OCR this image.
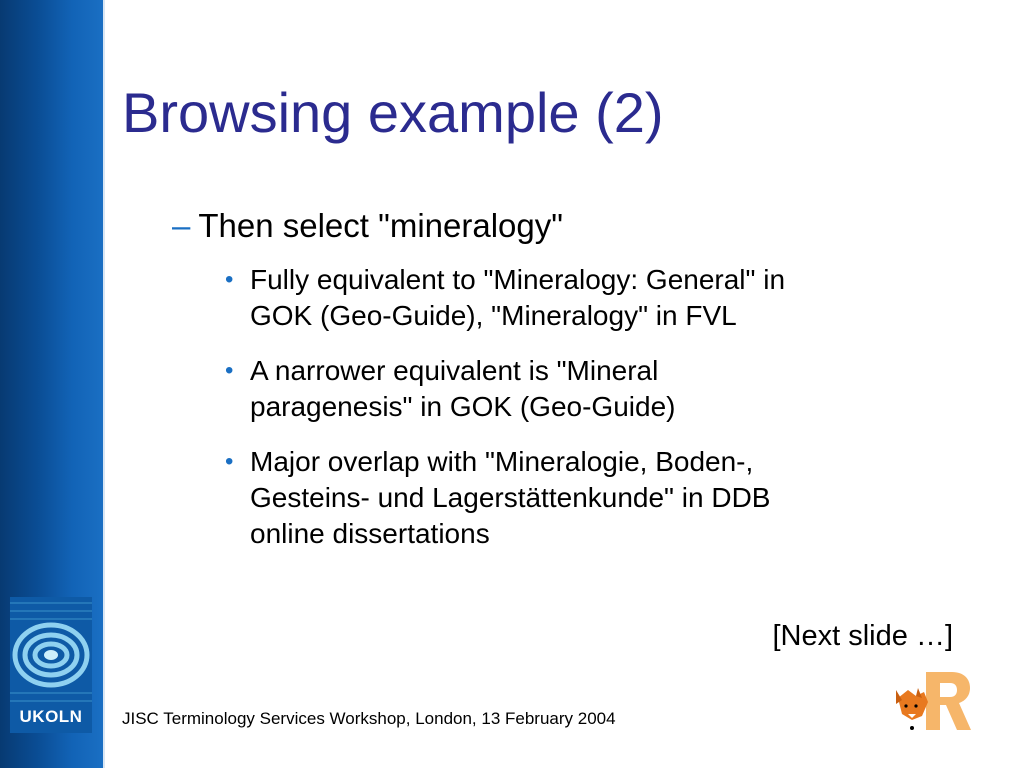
UKOLN
Browsing example (2)
– Then select "mineralogy"
• Fully equivalent to "Mineralogy: General" in
GOK (Geo-Guide), "Mineralogy" in FVL
• A narrower equivalent is "Mineral
paragenesis" in GOK (Geo-Guide)
• Major overlap with "Mineralogie, Boden-,
Gesteins- und Lagerstättenkunde" in DDB
online dissertations
[Next slide …]
JISC Terminology Services Workshop, London, 13 February 2004
